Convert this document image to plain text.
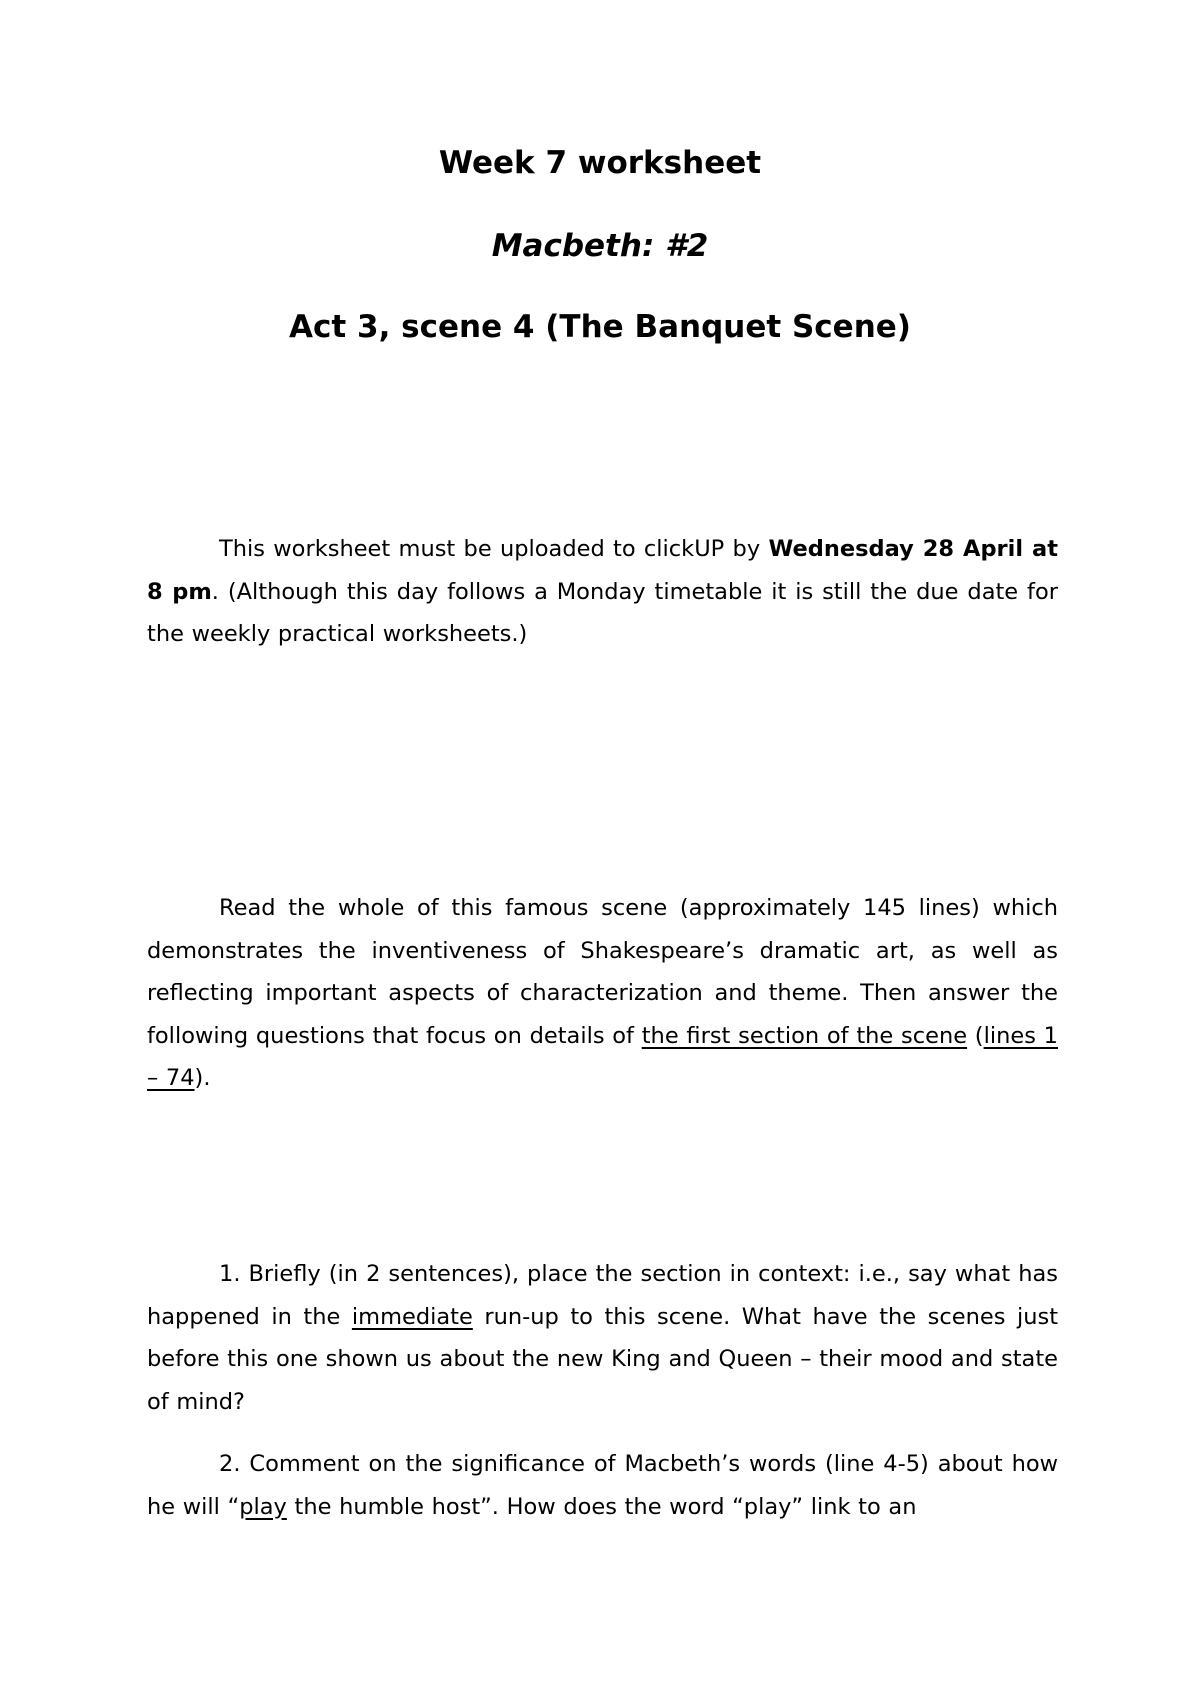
Week 7 worksheet
Macbeth: #2
Act 3, scene 4 (The Banquet Scene)

This worksheet must be uploaded to clickUP by Wednesday 28 April at 8 pm. (Although this day follows a Monday timetable it is still the due date for the weekly practical worksheets.)

Read the whole of this famous scene (approximately 145 lines) which demonstrates the inventiveness of Shakespeare’s dramatic art, as well as reflecting important aspects of characterization and theme. Then answer the following questions that focus on details of the first section of the scene (lines 1 – 74).

1. Briefly (in 2 sentences), place the section in context: i.e., say what has happened in the immediate run-up to this scene. What have the scenes just before this one shown us about the new King and Queen – their mood and state of mind?

2. Comment on the significance of Macbeth’s words (line 4-5) about how he will “play the humble host”. How does the word “play” link to an
